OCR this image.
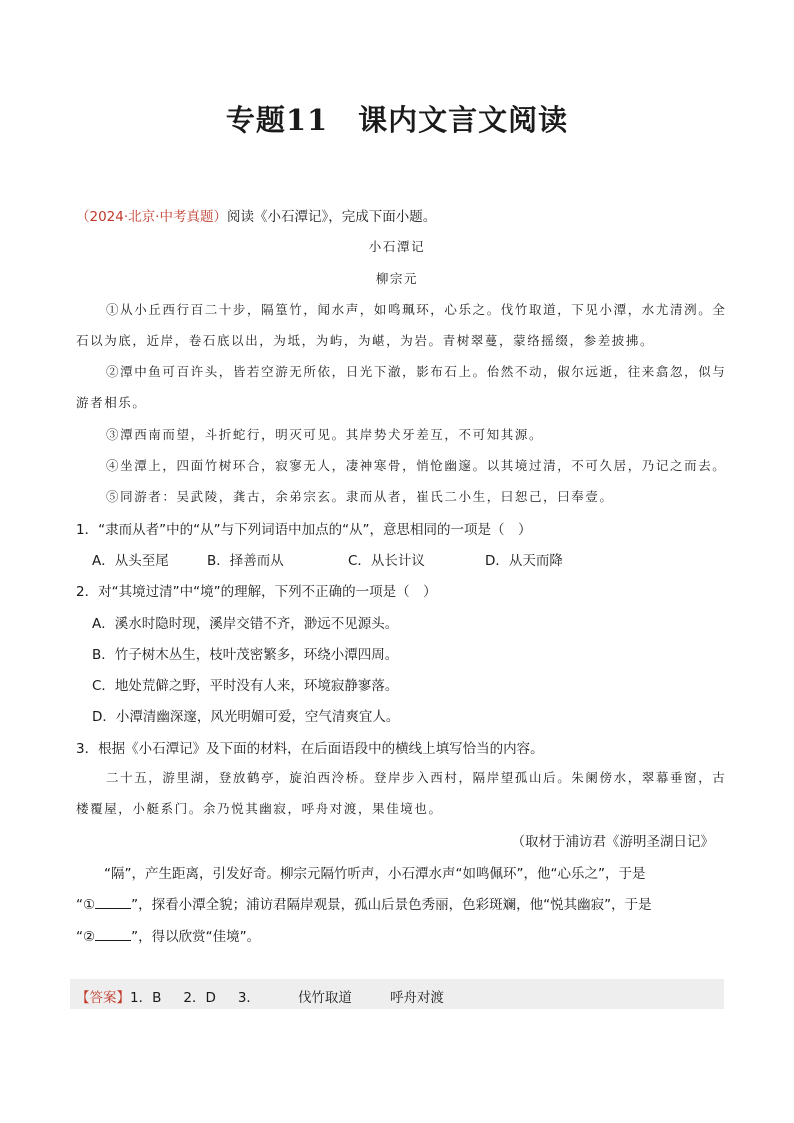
专题11 课内文言文阅读
（2024·北京·中考真题）阅读《小石潭记》，完成下面小题。
小石潭记
柳宗元
①从小丘西行百二十步，隔篁竹，闻水声，如鸣珮环，心乐之。伐竹取道，下见小潭，水尤清洌。全
石以为底，近岸，卷石底以出，为坻，为屿，为嵁，为岩。青树翠蔓，蒙络摇缀，参差披拂。
②潭中鱼可百许头，皆若空游无所依，日光下澈，影布石上。佁然不动，俶尔远逝，往来翕忽，似与
游者相乐。
③潭西南而望，斗折蛇行，明灭可见。其岸势犬牙差互，不可知其源。
④坐潭上，四面竹树环合，寂寥无人，凄神寒骨，悄怆幽邃。以其境过清，不可久居，乃记之而去。
⑤同游者：吴武陵，龚古，余弟宗玄。隶而从者，崔氏二小生，曰恕己，曰奉壹。
1．“隶而从者”中的“从”与下列词语中加点的“从”，意思相同的一项是（　）
A．从头至尾	B．择善而从	C．从长计议	D．从天而降
2．对“其境过清”中“境”的理解，下列不正确的一项是（　）
A．溪水时隐时现，溪岸交错不齐，渺远不见源头。
B．竹子树木丛生，枝叶茂密繁多，环绕小潭四周。
C．地处荒僻之野，平时没有人来，环境寂静寥落。
D．小潭清幽深邃，风光明媚可爱，空气清爽宜人。
3．根据《小石潭记》及下面的材料，在后面语段中的横线上填写恰当的内容。
二十五，游里湖，登放鹤亭，旋泊西泠桥。登岸步入西村，隔岸望孤山后。朱阑傍水，翠幕垂窗，古
楼覆屋，小艇系门。余乃悦其幽寂，呼舟对渡，果佳境也。
（取材于浦访君《游明圣湖日记》
“隔”，产生距离，引发好奇。柳宗元隔竹听声，小石潭水声“如鸣佩环”，他“心乐之”，于是
“①	”，探看小潭全貌；浦访君隔岸观景，孤山后景色秀丽，色彩斑斓，他“悦其幽寂”，于是
“②	”，得以欣赏“佳境”。
【答案】1．B 2．D 3．	伐竹取道	呼舟对渡
